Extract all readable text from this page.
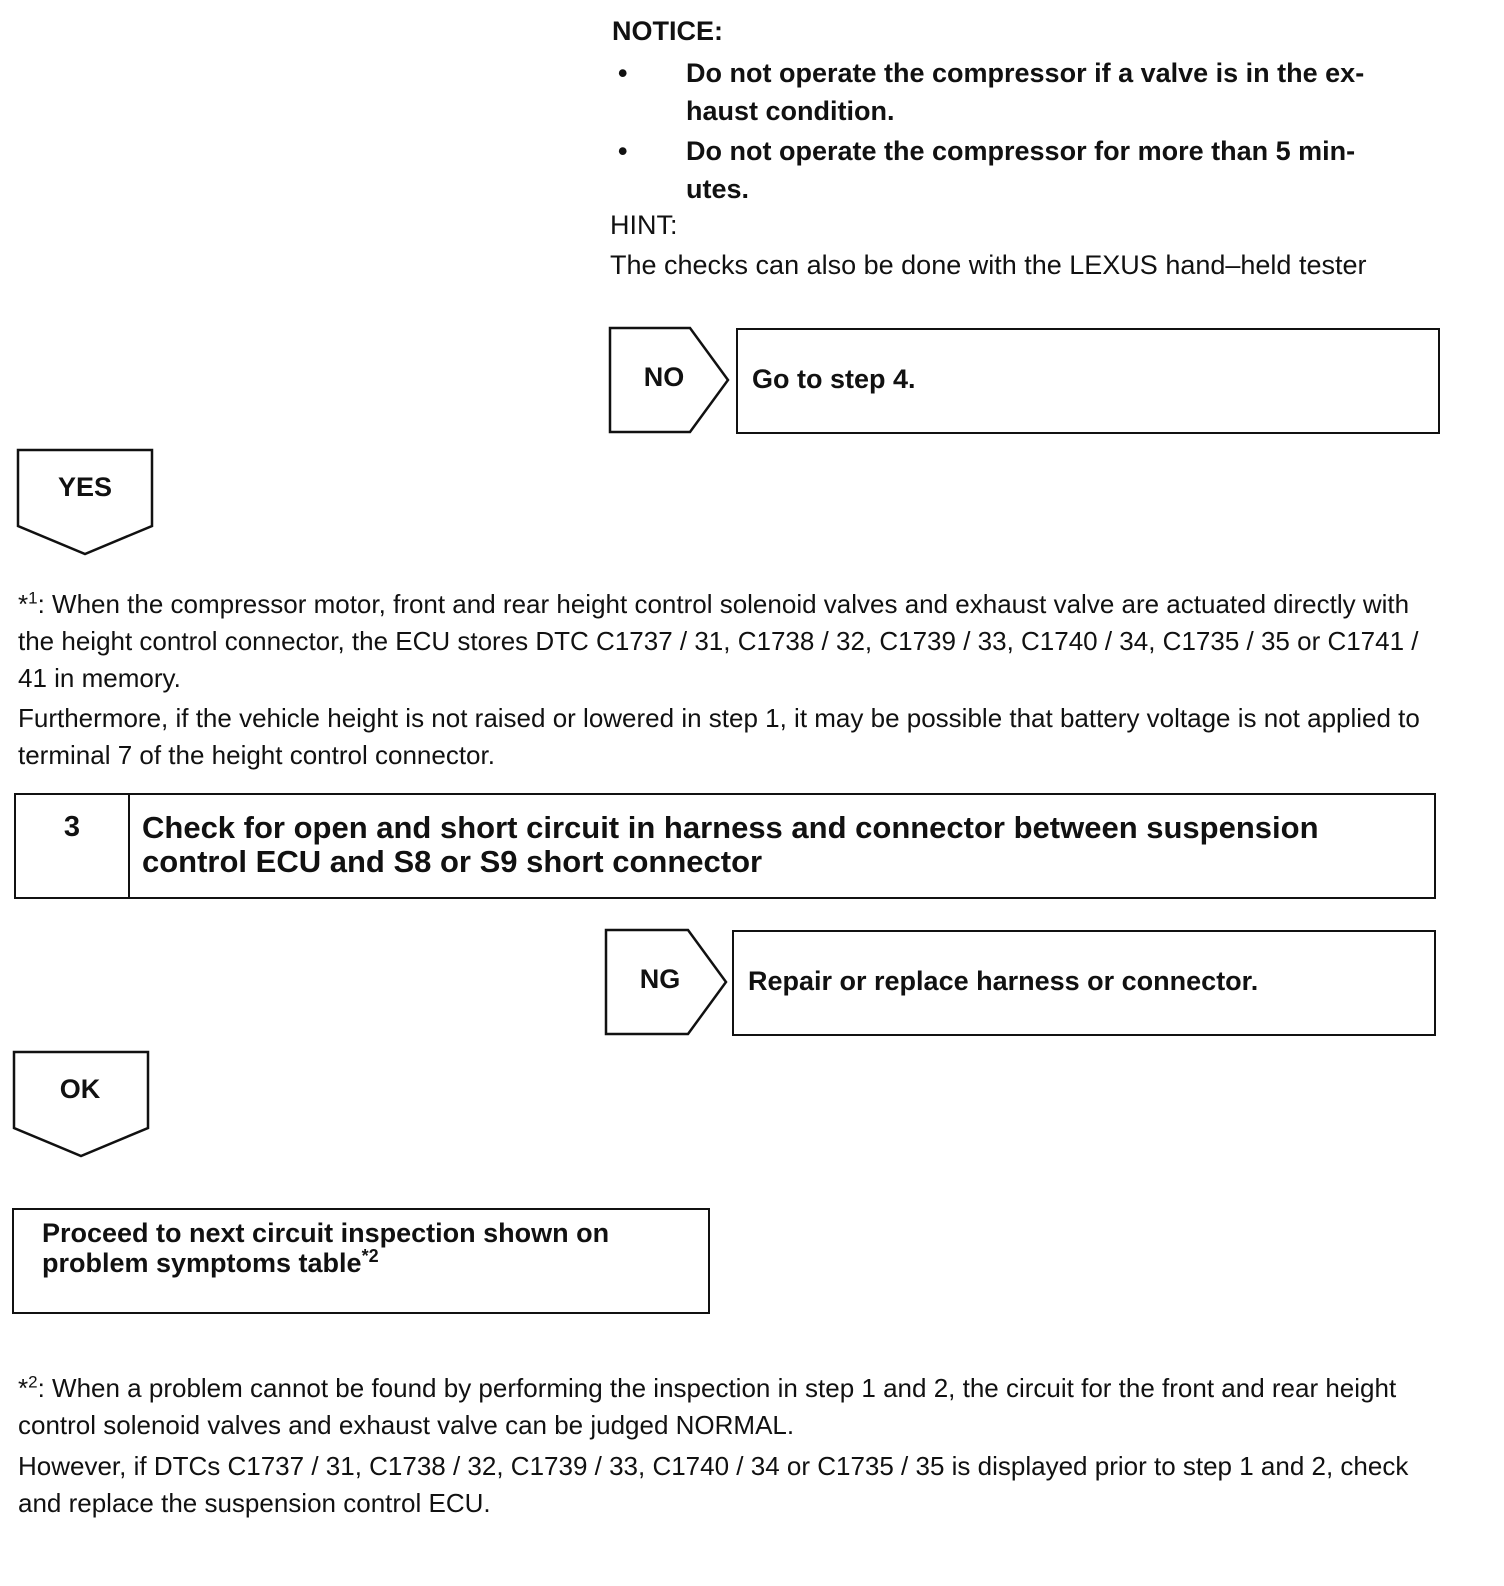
NOTICE:
•	Do not operate the compressor if a valve is in the ex-
haust condition.
•	Do not operate the compressor for more than 5 min-
utes.
HINT:
The checks can also be done with the LEXUS hand–held tester
NO	Go to step 4.
YES
*$^1$: When the compressor motor, front and rear height control solenoid valves and exhaust valve are actuated directly with the height control connector, the ECU stores DTC C1737 / 31, C1738 / 32, C1739 / 33, C1740 / 34, C1735 / 35 or C1741 / 41 in memory.
Furthermore, if the vehicle height is not raised or lowered in step 1, it may be possible that battery voltage is not applied to terminal 7 of the height control connector.
3	Check for open and short circuit in harness and connector between suspension control ECU and S8 or S9 short connector
NG	Repair or replace harness or connector.
OK
Proceed to next circuit inspection shown on problem symptoms table$^{*2}$
*$^2$: When a problem cannot be found by performing the inspection in step 1 and 2, the circuit for the front and rear height control solenoid valves and exhaust valve can be judged NORMAL.
However, if DTCs C1737 / 31, C1738 / 32, C1739 / 33, C1740 / 34 or C1735 / 35 is displayed prior to step 1 and 2, check and replace the suspension control ECU.
